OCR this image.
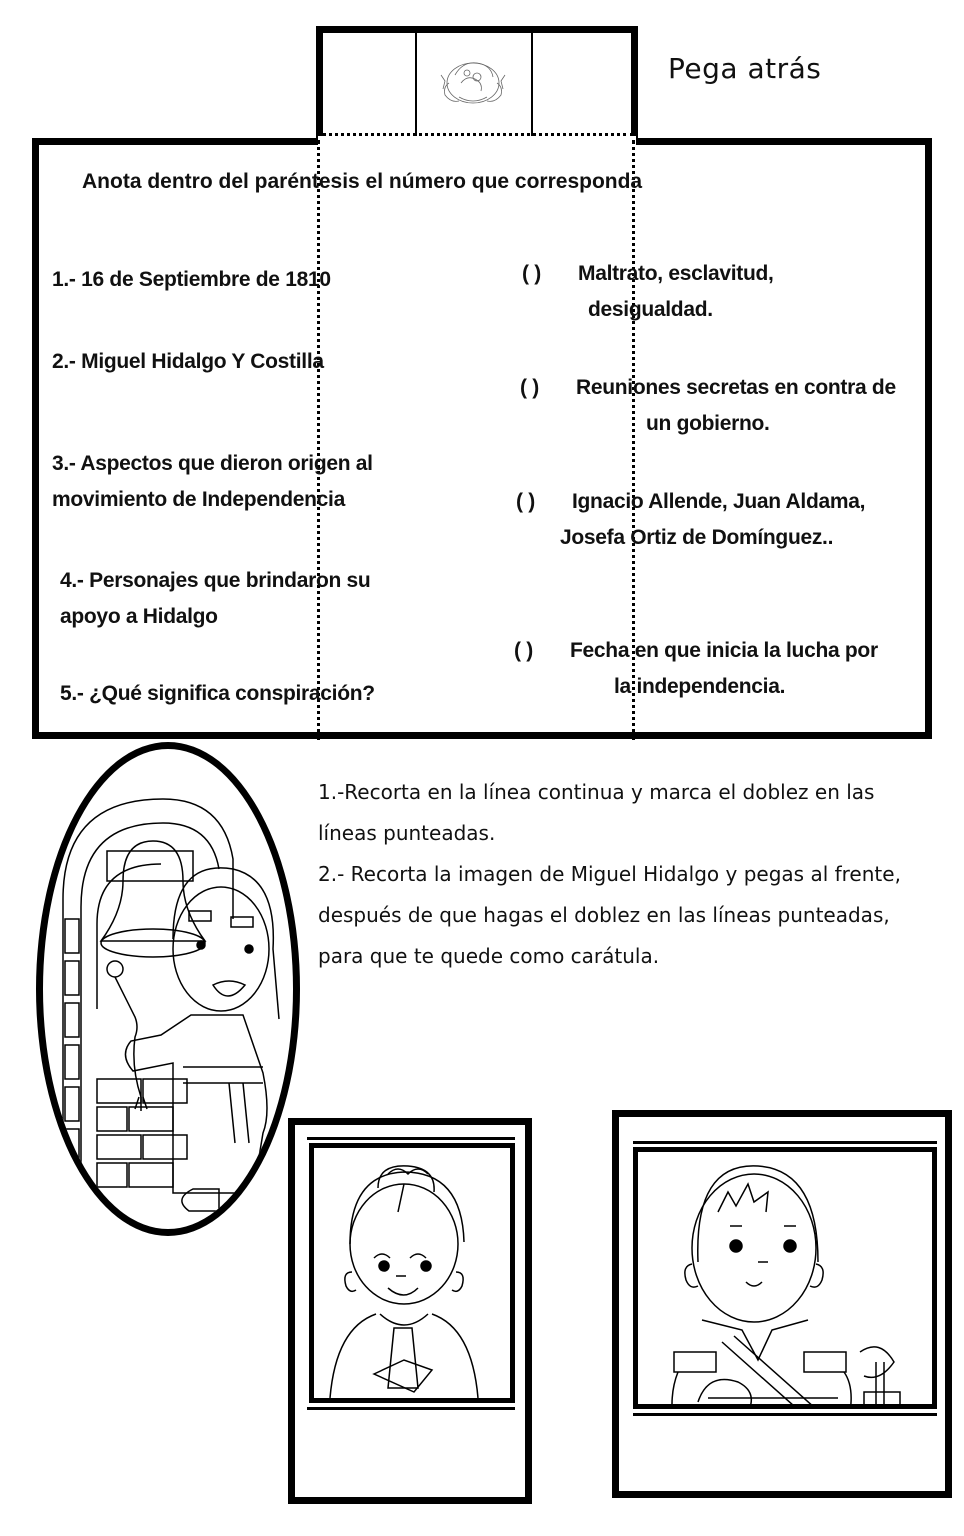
Pega atrás
Anota dentro del paréntesis el número que corresponda
1.- 16 de Septiembre de 1810
2.- Miguel Hidalgo Y Costilla
3.- Aspectos que dieron origen al
movimiento de Independencia
4.- Personajes que brindaron su
apoyo a Hidalgo
5.- ¿Qué significa conspiración?
( ) Maltrato, esclavitud,
desigualdad.
( ) Reuniones secretas en contra de
un gobierno.
( ) Ignacio Allende, Juan Aldama,
Josefa Ortiz de Domínguez..
( ) Fecha en que inicia la lucha por
la independencia.
1.-Recorta en la línea continua y marca el doblez en las líneas punteadas.
2.- Recorta la imagen de Miguel Hidalgo y pegas al frente, después de que hagas el doblez en las líneas punteadas, para que te quede como carátula.
